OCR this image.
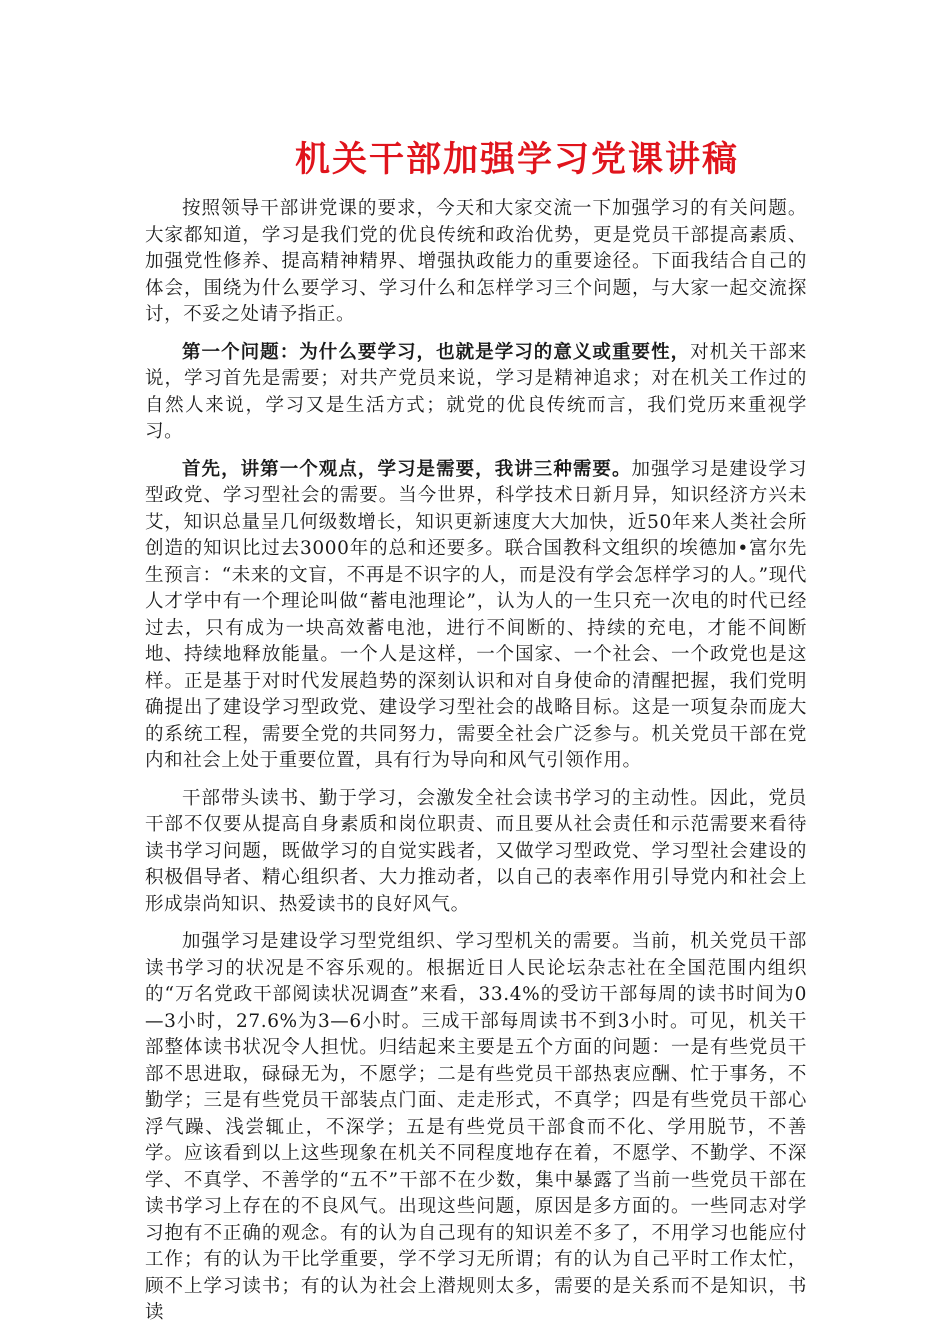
机关干部加强学习党课讲稿

按照领导干部讲党课的要求，今天和大家交流一下加强学习的有关问题。大家都知道，学习是我们党的优良传统和政治优势，更是党员干部提高素质、加强党性修养、提高精神精界、增强执政能力的重要途径。下面我结合自己的体会，围绕为什么要学习、学习什么和怎样学习三个问题，与大家一起交流探讨，不妥之处请予指正。

第一个问题：为什么要学习，也就是学习的意义或重要性，对机关干部来说，学习首先是需要；对共产党员来说，学习是精神追求；对在机关工作过的自然人来说，学习又是生活方式；就党的优良传统而言，我们党历来重视学习。

首先，讲第一个观点，学习是需要，我讲三种需要。加强学习是建设学习型政党、学习型社会的需要。当今世界，科学技术日新月异，知识经济方兴未艾，知识总量呈几何级数增长，知识更新速度大大加快，近50年来人类社会所创造的知识比过去3000年的总和还要多。联合国教科文组织的埃德加•富尔先生预言：“未来的文盲，不再是不识字的人，而是没有学会怎样学习的人。”现代人才学中有一个理论叫做“蓄电池理论”，认为人的一生只充一次电的时代已经过去，只有成为一块高效蓄电池，进行不间断的、持续的充电，才能不间断地、持续地释放能量。一个人是这样，一个国家、一个社会、一个政党也是这样。正是基于对时代发展趋势的深刻认识和对自身使命的清醒把握，我们党明确提出了建设学习型政党、建设学习型社会的战略目标。这是一项复杂而庞大的系统工程，需要全党的共同努力，需要全社会广泛参与。机关党员干部在党内和社会上处于重要位置，具有行为导向和风气引领作用。

干部带头读书、勤于学习，会激发全社会读书学习的主动性。因此，党员干部不仅要从提高自身素质和岗位职责、而且要从社会责任和示范需要来看待读书学习问题，既做学习的自觉实践者，又做学习型政党、学习型社会建设的积极倡导者、精心组织者、大力推动者，以自己的表率作用引导党内和社会上形成崇尚知识、热爱读书的良好风气。

加强学习是建设学习型党组织、学习型机关的需要。当前，机关党员干部读书学习的状况是不容乐观的。根据近日人民论坛杂志社在全国范围内组织的“万名党政干部阅读状况调查”来看，33.4%的受访干部每周的读书时间为0—3小时，27.6%为3—6小时。三成干部每周读书不到3小时。可见，机关干部整体读书状况令人担忧。归结起来主要是五个方面的问题：一是有些党员干部不思进取，碌碌无为，不愿学；二是有些党员干部热衷应酬、忙于事务，不勤学；三是有些党员干部装点门面、走走形式，不真学；四是有些党员干部心浮气躁、浅尝辄止，不深学；五是有些党员干部食而不化、学用脱节，不善学。应该看到以上这些现象在机关不同程度地存在着，不愿学、不勤学、不深学、不真学、不善学的“五不”干部不在少数，集中暴露了当前一些党员干部在读书学习上存在的不良风气。出现这些问题，原因是多方面的。一些同志对学习抱有不正确的观念。有的认为自己现有的知识差不多了，不用学习也能应付工作；有的认为干比学重要，学不学习无所谓；有的认为自己平时工作太忙，顾不上学习读书；有的认为社会上潜规则太多，需要的是关系而不是知识，书读
